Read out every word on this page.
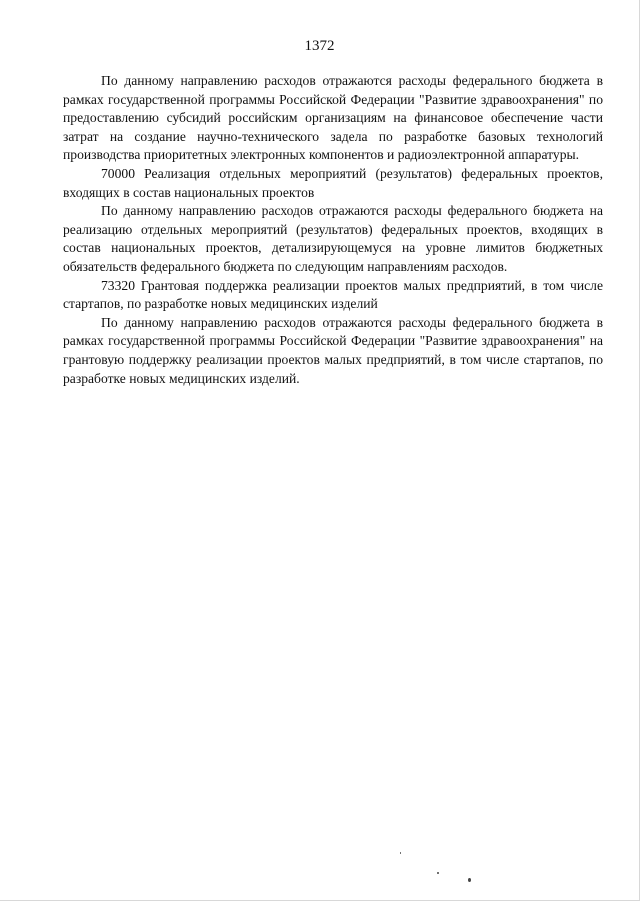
1372

По данному направлению расходов отражаются расходы федерального бюджета в рамках государственной программы Российской Федерации "Развитие здравоохранения" по предоставлению субсидий российским организациям на финансовое обеспечение части затрат на создание научно-технического задела по разработке базовых технологий производства приоритетных электронных компонентов и радиоэлектронной аппаратуры.

70000 Реализация отдельных мероприятий (результатов) федеральных проектов, входящих в состав национальных проектов

По данному направлению расходов отражаются расходы федерального бюджета на реализацию отдельных мероприятий (результатов) федеральных проектов, входящих в состав национальных проектов, детализирующемуся на уровне лимитов бюджетных обязательств федерального бюджета по следующим направлениям расходов.

73320 Грантовая поддержка реализации проектов малых предприятий, в том числе стартапов, по разработке новых медицинских изделий

По данному направлению расходов отражаются расходы федерального бюджета в рамках государственной программы Российской Федерации "Развитие здравоохранения" на грантовую поддержку реализации проектов малых предприятий, в том числе стартапов, по разработке новых медицинских изделий.
